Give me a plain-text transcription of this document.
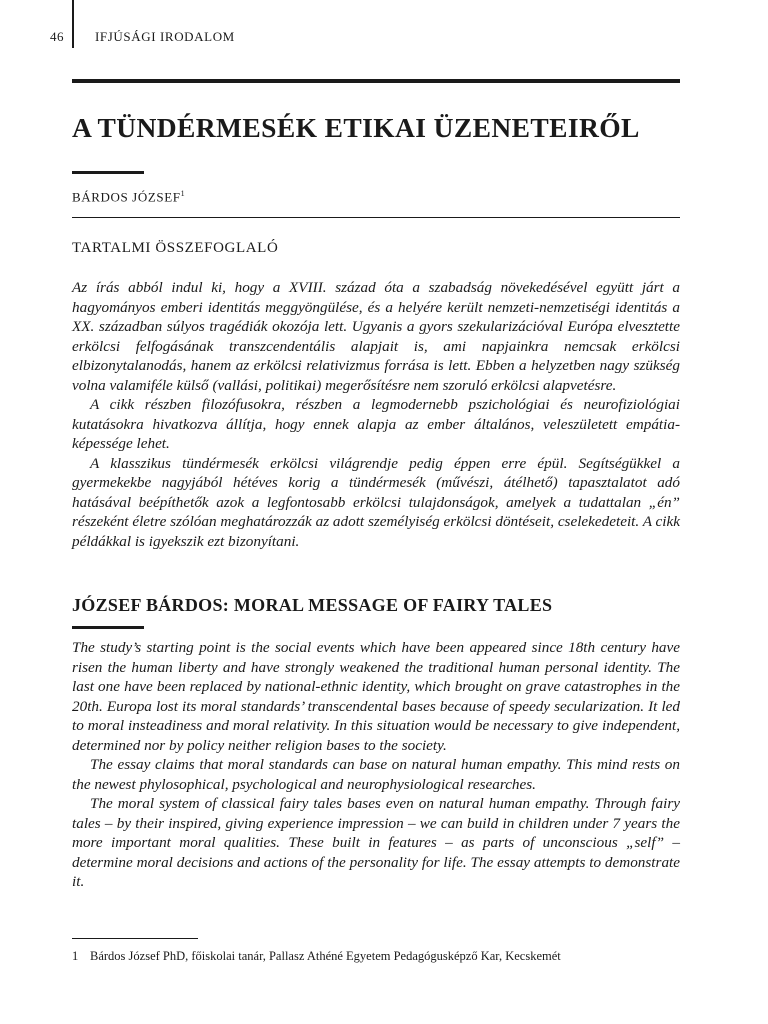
46 IFJÚSÁGI IRODALOM
A TÜNDÉRMESÉK ETIKAI ÜZENETEIRŐL
BÁRDOS JÓZSEF$^1$
TARTALMI ÖSSZEFOGLALÓ

Az írás abból indul ki, hogy a XVIII. század óta a szabadság növekedésével együtt járt a hagyományos emberi identitás meggyöngülése, és a helyére került nemzeti-nemzetiségi identitás a XX. században súlyos tragédiák okozója lett. Ugyanis a gyors szekularizációval Európa elvesztette erkölcsi felfogásának transzcendentális alapjait is, ami napjainkra nemcsak erkölcsi elbizonytalanodás, hanem az erkölcsi relativizmus forrása is lett. Ebben a helyzetben nagy szükség volna valamiféle külső (vallási, politikai) megerősítésre nem szoruló erkölcsi alapvetésre.

A cikk részben filozófusokra, részben a legmodernebb pszichológiai és neurofiziológiai kutatásokra hivatkozva állítja, hogy ennek alapja az ember általános, veleszületett empátia-képessége lehet.

A klasszikus tündérmesék erkölcsi világrendje pedig éppen erre épül. Segítségükkel a gyermekekbe nagyjából hétéves korig a tündérmesék (művészi, átélhető) tapasztalatot adó hatásával beépíthetők azok a legfontosabb erkölcsi tulajdonságok, amelyek a tudattalan „én” részeként életre szólóan meghatározzák az adott személyiség erkölcsi döntéseit, cselekedeteit. A cikk példákkal is igyekszik ezt bizonyítani.

JÓZSEF BÁRDOS: MORAL MESSAGE OF FAIRY TALES

The study’s starting point is the social events which have been appeared since 18th century have risen the human liberty and have strongly weakened the traditional human personal identity. The last one have been replaced by national-ethnic identity, which brought on grave catastrophes in the 20th. Europa lost its moral standards’ transcendental bases because of speedy secularization. It led to moral insteadiness and moral relativity. In this situation would be necessary to give independent, determined nor by policy neither religion bases to the society.

The essay claims that moral standards can base on natural human empathy. This mind rests on the newest phylosophical, psychological and neurophysiological researches.

The moral system of classical fairy tales bases even on natural human empathy. Through fairy tales – by their inspired, giving experience impression – we can build in children under 7 years the more important moral qualities. These built in features – as parts of unconscious „self” – determine moral decisions and actions of the personality for life. The essay attempts to demonstrate it.

1 Bárdos József PhD, főiskolai tanár, Pallasz Athéné Egyetem Pedagógusképző Kar, Kecskemét
